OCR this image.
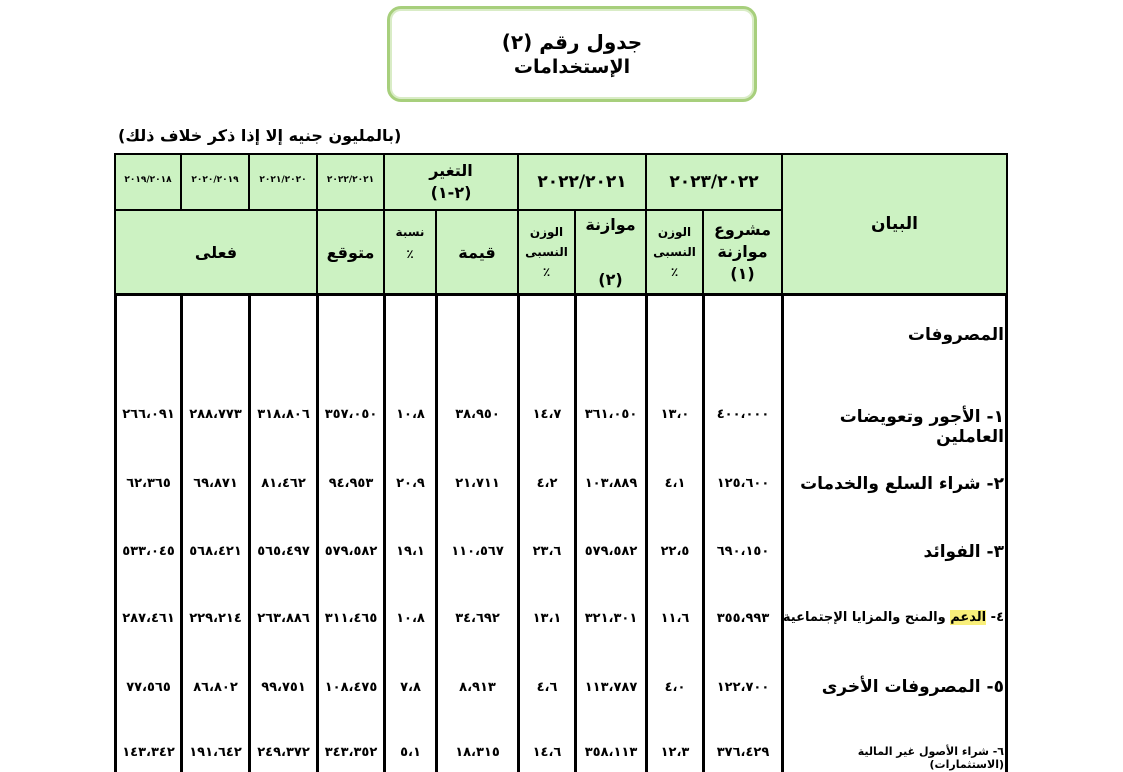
جدول رقم (٢)
الإستخدامات
(بالمليون جنيه إلا إذا ذكر خلاف ذلك)
البيان
٢٠٢٣/٢٠٢٢
مشروع
موازنة
(١)
الوزن
النسبى
٪
٢٠٢٢/٢٠٢١
موازنة
(٢)
الوزن
النسبى
٪
التغير
(٢-١)
قيمة
نسبة
٪
٢٠٢٢/٢٠٢١
متوقع
٢٠٢١/٢٠٢٠
٢٠٢٠/٢٠١٩
٢٠١٩/٢٠١٨
فعلى
المصروفات
١- الأجور وتعويضات العاملين
٤٠٠،٠٠٠
١٣،٠
٣٦١،٠٥٠
١٤،٧
٣٨،٩٥٠
١٠،٨
٣٥٧،٠٥٠
٣١٨،٨٠٦
٢٨٨،٧٧٣
٢٦٦،٠٩١
٢- شراء السلع والخدمات
١٢٥،٦٠٠
٤،١
١٠٣،٨٨٩
٤،٢
٢١،٧١١
٢٠،٩
٩٤،٩٥٣
٨١،٤٦٢
٦٩،٨٧١
٦٢،٣٦٥
٣- الفوائد
٦٩٠،١٥٠
٢٢،٥
٥٧٩،٥٨٢
٢٣،٦
١١٠،٥٦٧
١٩،١
٥٧٩،٥٨٢
٥٦٥،٤٩٧
٥٦٨،٤٢١
٥٣٣،٠٤٥
٤- الدعم والمنح والمزايا الإجتماعية
٣٥٥،٩٩٣
١١،٦
٣٢١،٣٠١
١٣،١
٣٤،٦٩٢
١٠،٨
٣١١،٤٦٥
٢٦٣،٨٨٦
٢٢٩،٢١٤
٢٨٧،٤٦١
٥- المصروفات الأخرى
١٢٢،٧٠٠
٤،٠
١١٣،٧٨٧
٤،٦
٨،٩١٣
٧،٨
١٠٨،٤٧٥
٩٩،٧٥١
٨٦،٨٠٢
٧٧،٥٦٥
٦- شراء الأصول غير المالية (الاستثمارات)
٣٧٦،٤٢٩
١٢،٣
٣٥٨،١١٣
١٤،٦
١٨،٣١٥
٥،١
٣٤٣،٣٥٢
٢٤٩،٣٧٢
١٩١،٦٤٢
١٤٣،٣٤٢
